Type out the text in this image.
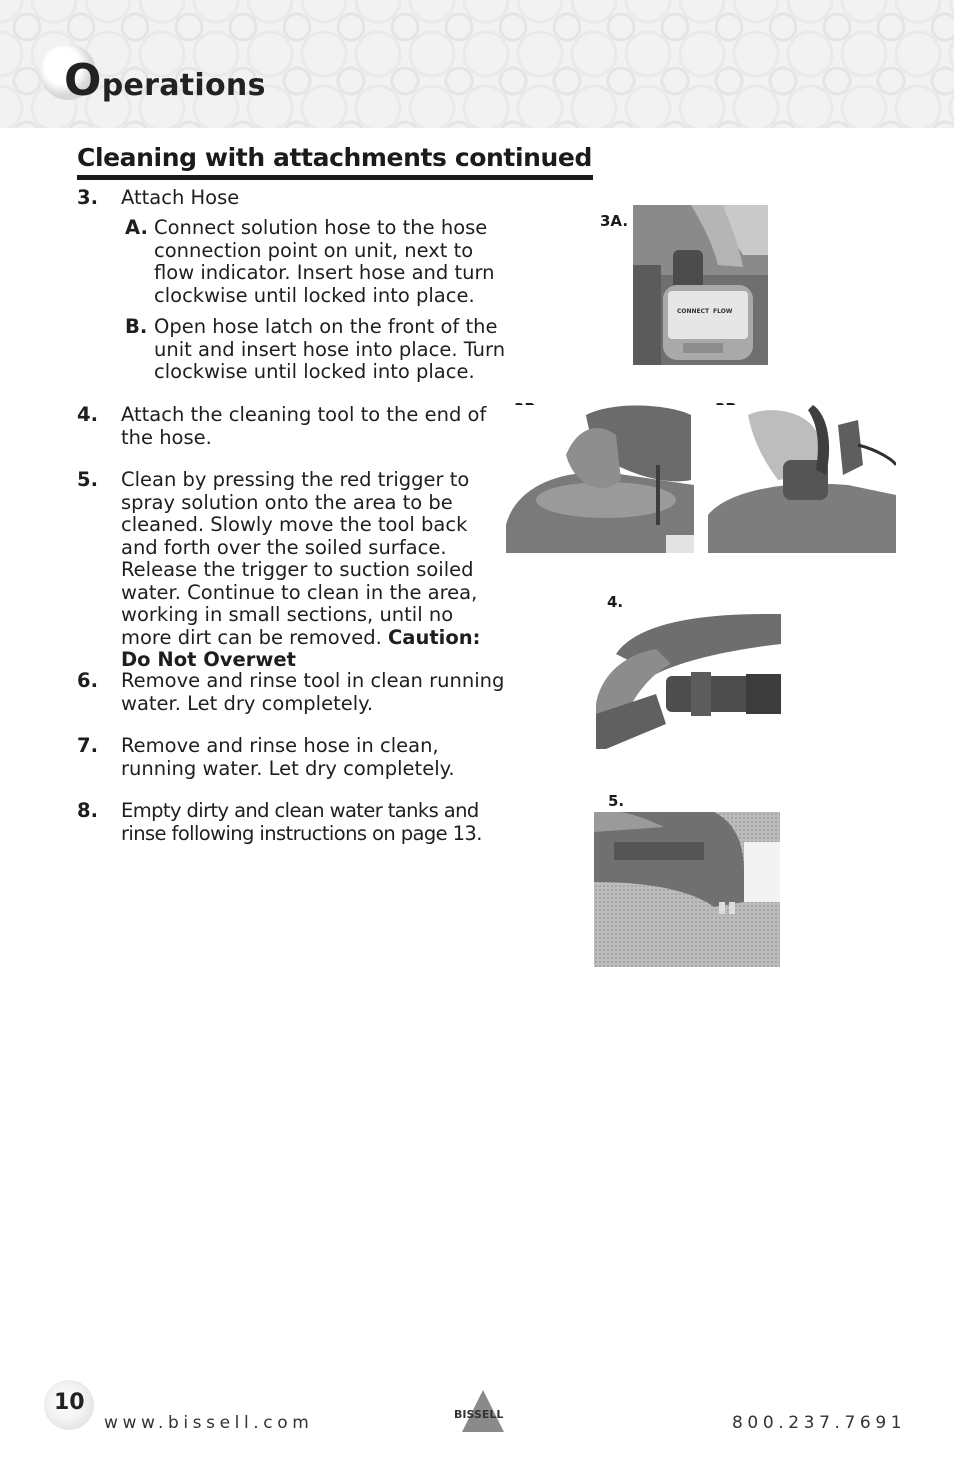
Operations
Cleaning with attachments continued
3. Attach Hose
A. Connect solution hose to the hose connection point on unit, next to flow indicator. Insert hose and turn clockwise until locked into place.
B. Open hose latch on the front of the unit and insert hose into place. Turn clockwise until locked into place.
4. Attach the cleaning tool to the end of the hose.
5. Clean by pressing the red trigger to spray solution onto the area to be cleaned. Slowly move the tool back and forth over the soiled surface. Release the trigger to suction soiled water. Continue to clean in the area, working in small sections, until no more dirt can be removed. Caution: Do Not Overwet
6. Remove and rinse tool in clean running water. Let dry completely.
7. Remove and rinse hose in clean, running water. Let dry completely.
8. Empty dirty and clean water tanks and rinse following instructions on page 13.
3A.
4.
5.
CONNECT FLOW
10
www.bissell.com	BISSELL	800.237.7691
